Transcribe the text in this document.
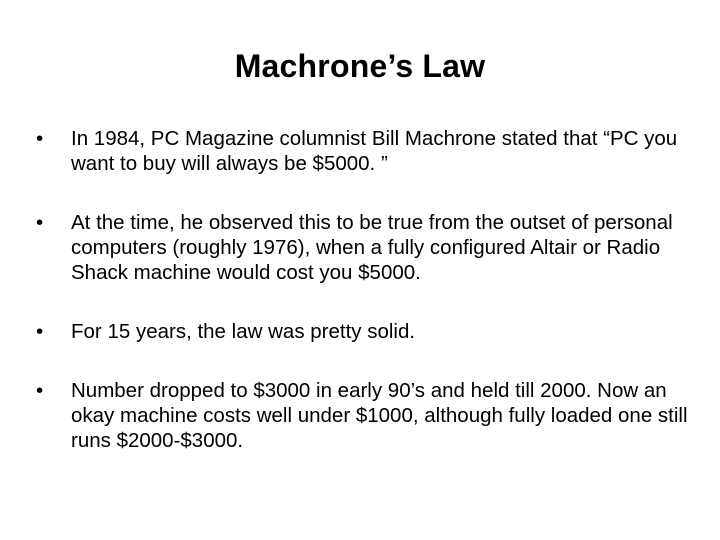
Machrone’s Law
•	In 1984, PC Magazine columnist Bill Machrone stated that “PC you want to buy will always be $5000. ”
•	At the time, he observed this to be true from the outset of personal computers (roughly 1976), when a fully configured Altair or Radio Shack machine would cost you $5000.
•	For 15 years, the law was pretty solid.
•	Number dropped to $3000 in early 90’s and held till 2000. Now an okay machine costs well under $1000, although fully loaded one still runs $2000-$3000.
